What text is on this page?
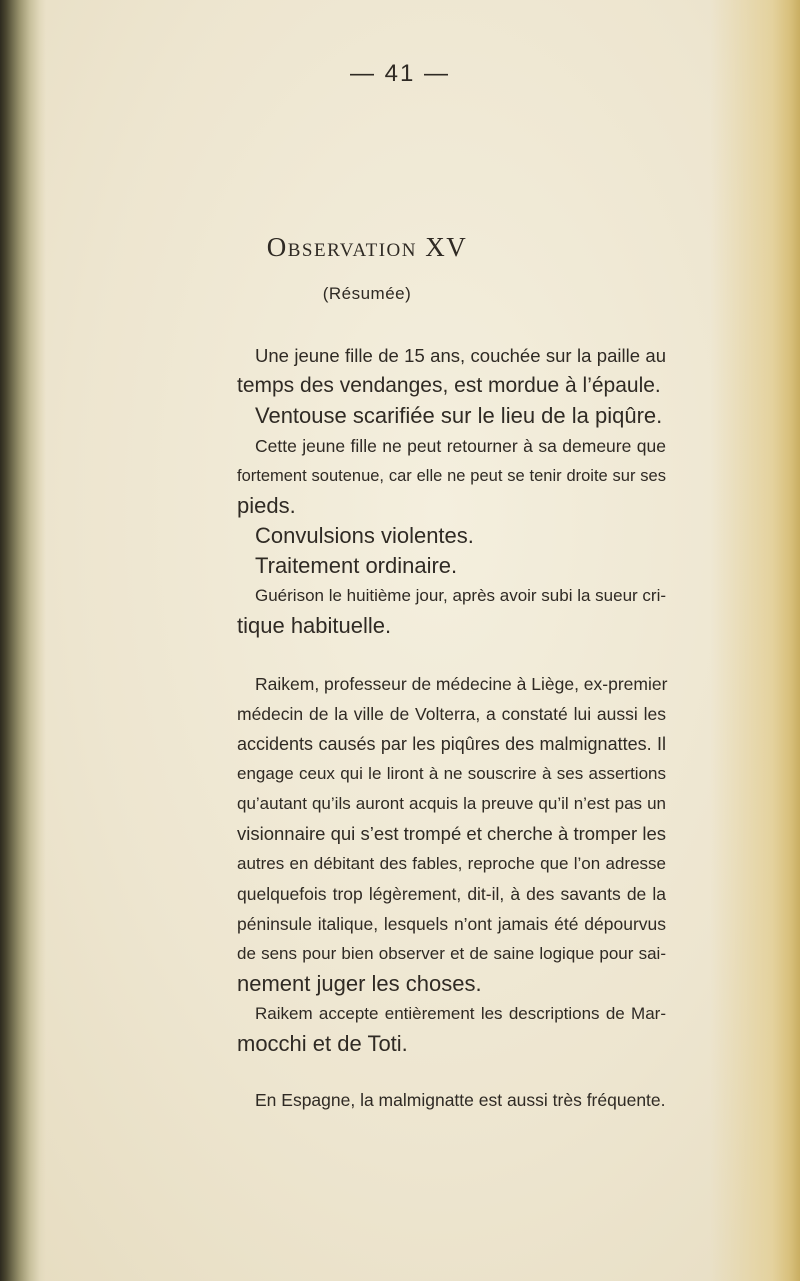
— 41 —
Observation XV
(Résumée)
Une jeune fille de 15 ans, couchée sur la paille au
temps des vendanges, est mordue à l’épaule.
Ventouse scarifiée sur le lieu de la piqûre.
Cette jeune fille ne peut retourner à sa demeure que
fortement soutenue, car elle ne peut se tenir droite sur ses
pieds.
Convulsions violentes.
Traitement ordinaire.
Guérison le huitième jour, après avoir subi la sueur cri-
tique habituelle.
Raikem, professeur de médecine à Liège, ex-premier
médecin de la ville de Volterra, a constaté lui aussi les
accidents causés par les piqûres des malmignattes. Il
engage ceux qui le liront à ne souscrire à ses assertions
qu’autant qu’ils auront acquis la preuve qu’il n’est pas un
visionnaire qui s’est trompé et cherche à tromper les
autres en débitant des fables, reproche que l’on adresse
quelquefois trop légèrement, dit-il, à des savants de la
péninsule italique, lesquels n’ont jamais été dépourvus
de sens pour bien observer et de saine logique pour sai-
nement juger les choses.
Raikem accepte entièrement les descriptions de Mar-
mocchi et de Toti.
En Espagne, la malmignatte est aussi très fréquente.
